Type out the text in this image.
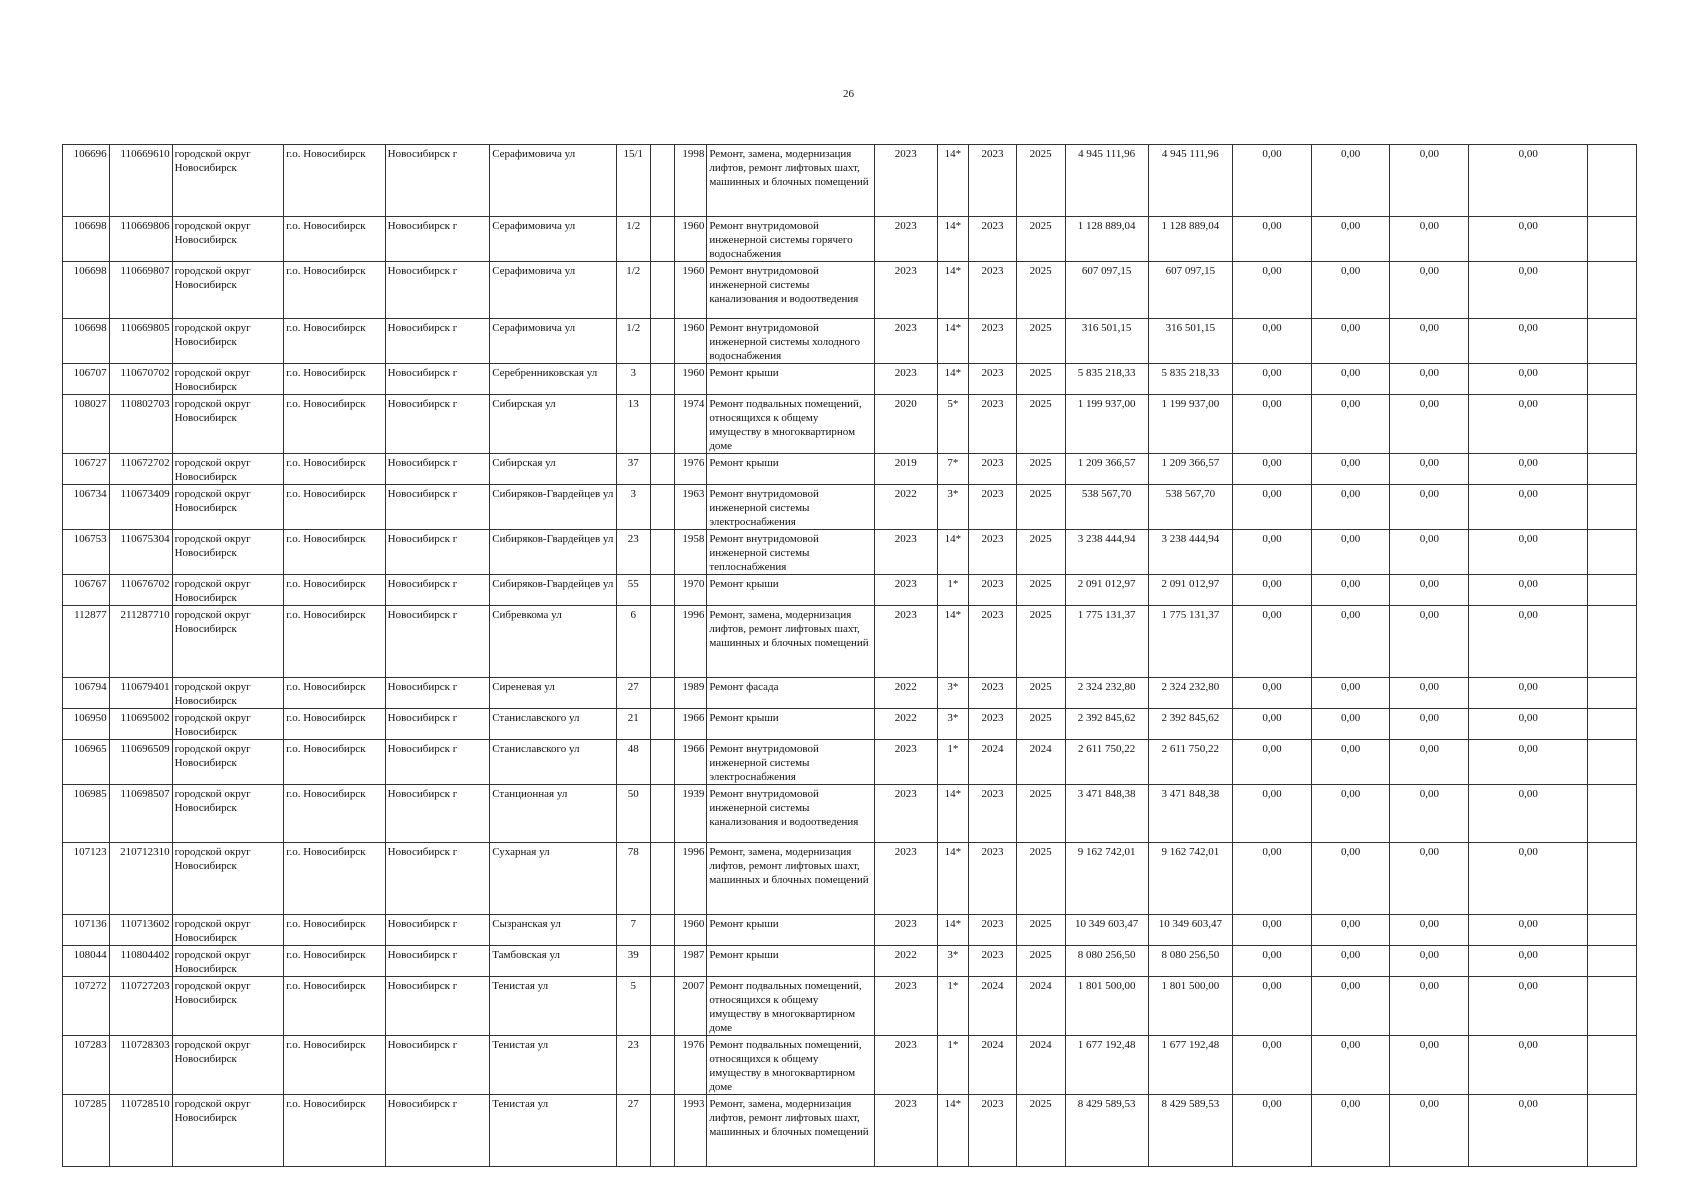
26
106696	110669610	городской округ Новосибирск	г.о. Новосибирск	Новосибирск г	Серафимовича ул	15/1		1998	Ремонт, замена, модернизация лифтов, ремонт лифтовых шахт, машинных и блочных помещений	2023	14*	2023	2025	4 945 111,96	4 945 111,96	0,00	0,00	0,00	0,00	
106698	110669806	городской округ Новосибирск	г.о. Новосибирск	Новосибирск г	Серафимовича ул	1/2		1960	Ремонт внутридомовой инженерной системы горячего водоснабжения	2023	14*	2023	2025	1 128 889,04	1 128 889,04	0,00	0,00	0,00	0,00	
106698	110669807	городской округ Новосибирск	г.о. Новосибирск	Новосибирск г	Серафимовича ул	1/2		1960	Ремонт внутридомовой инженерной системы канализования и водоотведения	2023	14*	2023	2025	607 097,15	607 097,15	0,00	0,00	0,00	0,00	
106698	110669805	городской округ Новосибирск	г.о. Новосибирск	Новосибирск г	Серафимовича ул	1/2		1960	Ремонт внутридомовой инженерной системы холодного водоснабжения	2023	14*	2023	2025	316 501,15	316 501,15	0,00	0,00	0,00	0,00	
106707	110670702	городской округ Новосибирск	г.о. Новосибирск	Новосибирск г	Серебренниковская ул	3		1960	Ремонт крыши	2023	14*	2023	2025	5 835 218,33	5 835 218,33	0,00	0,00	0,00	0,00	
108027	110802703	городской округ Новосибирск	г.о. Новосибирск	Новосибирск г	Сибирская ул	13		1974	Ремонт подвальных помещений, относящихся к общему имуществу в многоквартирном доме	2020	5*	2023	2025	1 199 937,00	1 199 937,00	0,00	0,00	0,00	0,00	
106727	110672702	городской округ Новосибирск	г.о. Новосибирск	Новосибирск г	Сибирская ул	37		1976	Ремонт крыши	2019	7*	2023	2025	1 209 366,57	1 209 366,57	0,00	0,00	0,00	0,00	
106734	110673409	городской округ Новосибирск	г.о. Новосибирск	Новосибирск г	Сибиряков-Гвардейцев ул	3		1963	Ремонт внутридомовой инженерной системы электроснабжения	2022	3*	2023	2025	538 567,70	538 567,70	0,00	0,00	0,00	0,00	
106753	110675304	городской округ Новосибирск	г.о. Новосибирск	Новосибирск г	Сибиряков-Гвардейцев ул	23		1958	Ремонт внутридомовой инженерной системы теплоснабжения	2023	14*	2023	2025	3 238 444,94	3 238 444,94	0,00	0,00	0,00	0,00	
106767	110676702	городской округ Новосибирск	г.о. Новосибирск	Новосибирск г	Сибиряков-Гвардейцев ул	55		1970	Ремонт крыши	2023	1*	2023	2025	2 091 012,97	2 091 012,97	0,00	0,00	0,00	0,00	
112877	211287710	городской округ Новосибирск	г.о. Новосибирск	Новосибирск г	Сибревкома ул	6		1996	Ремонт, замена, модернизация лифтов, ремонт лифтовых шахт, машинных и блочных помещений	2023	14*	2023	2025	1 775 131,37	1 775 131,37	0,00	0,00	0,00	0,00	
106794	110679401	городской округ Новосибирск	г.о. Новосибирск	Новосибирск г	Сиреневая ул	27		1989	Ремонт фасада	2022	3*	2023	2025	2 324 232,80	2 324 232,80	0,00	0,00	0,00	0,00	
106950	110695002	городской округ Новосибирск	г.о. Новосибирск	Новосибирск г	Станиславского ул	21		1966	Ремонт крыши	2022	3*	2023	2025	2 392 845,62	2 392 845,62	0,00	0,00	0,00	0,00	
106965	110696509	городской округ Новосибирск	г.о. Новосибирск	Новосибирск г	Станиславского ул	48		1966	Ремонт внутридомовой инженерной системы электроснабжения	2023	1*	2024	2024	2 611 750,22	2 611 750,22	0,00	0,00	0,00	0,00	
106985	110698507	городской округ Новосибирск	г.о. Новосибирск	Новосибирск г	Станционная ул	50		1939	Ремонт внутридомовой инженерной системы канализования и водоотведения	2023	14*	2023	2025	3 471 848,38	3 471 848,38	0,00	0,00	0,00	0,00	
107123	210712310	городской округ Новосибирск	г.о. Новосибирск	Новосибирск г	Сухарная ул	78		1996	Ремонт, замена, модернизация лифтов, ремонт лифтовых шахт, машинных и блочных помещений	2023	14*	2023	2025	9 162 742,01	9 162 742,01	0,00	0,00	0,00	0,00	
107136	110713602	городской округ Новосибирск	г.о. Новосибирск	Новосибирск г	Сызранская ул	7		1960	Ремонт крыши	2023	14*	2023	2025	10 349 603,47	10 349 603,47	0,00	0,00	0,00	0,00	
108044	110804402	городской округ Новосибирск	г.о. Новосибирск	Новосибирск г	Тамбовская ул	39		1987	Ремонт крыши	2022	3*	2023	2025	8 080 256,50	8 080 256,50	0,00	0,00	0,00	0,00	
107272	110727203	городской округ Новосибирск	г.о. Новосибирск	Новосибирск г	Тенистая ул	5		2007	Ремонт подвальных помещений, относящихся к общему имуществу в многоквартирном доме	2023	1*	2024	2024	1 801 500,00	1 801 500,00	0,00	0,00	0,00	0,00	
107283	110728303	городской округ Новосибирск	г.о. Новосибирск	Новосибирск г	Тенистая ул	23		1976	Ремонт подвальных помещений, относящихся к общему имуществу в многоквартирном доме	2023	1*	2024	2024	1 677 192,48	1 677 192,48	0,00	0,00	0,00	0,00	
107285	110728510	городской округ Новосибирск	г.о. Новосибирск	Новосибирск г	Тенистая ул	27		1993	Ремонт, замена, модернизация лифтов, ремонт лифтовых шахт, машинных и блочных помещений	2023	14*	2023	2025	8 429 589,53	8 429 589,53	0,00	0,00	0,00	0,00	
